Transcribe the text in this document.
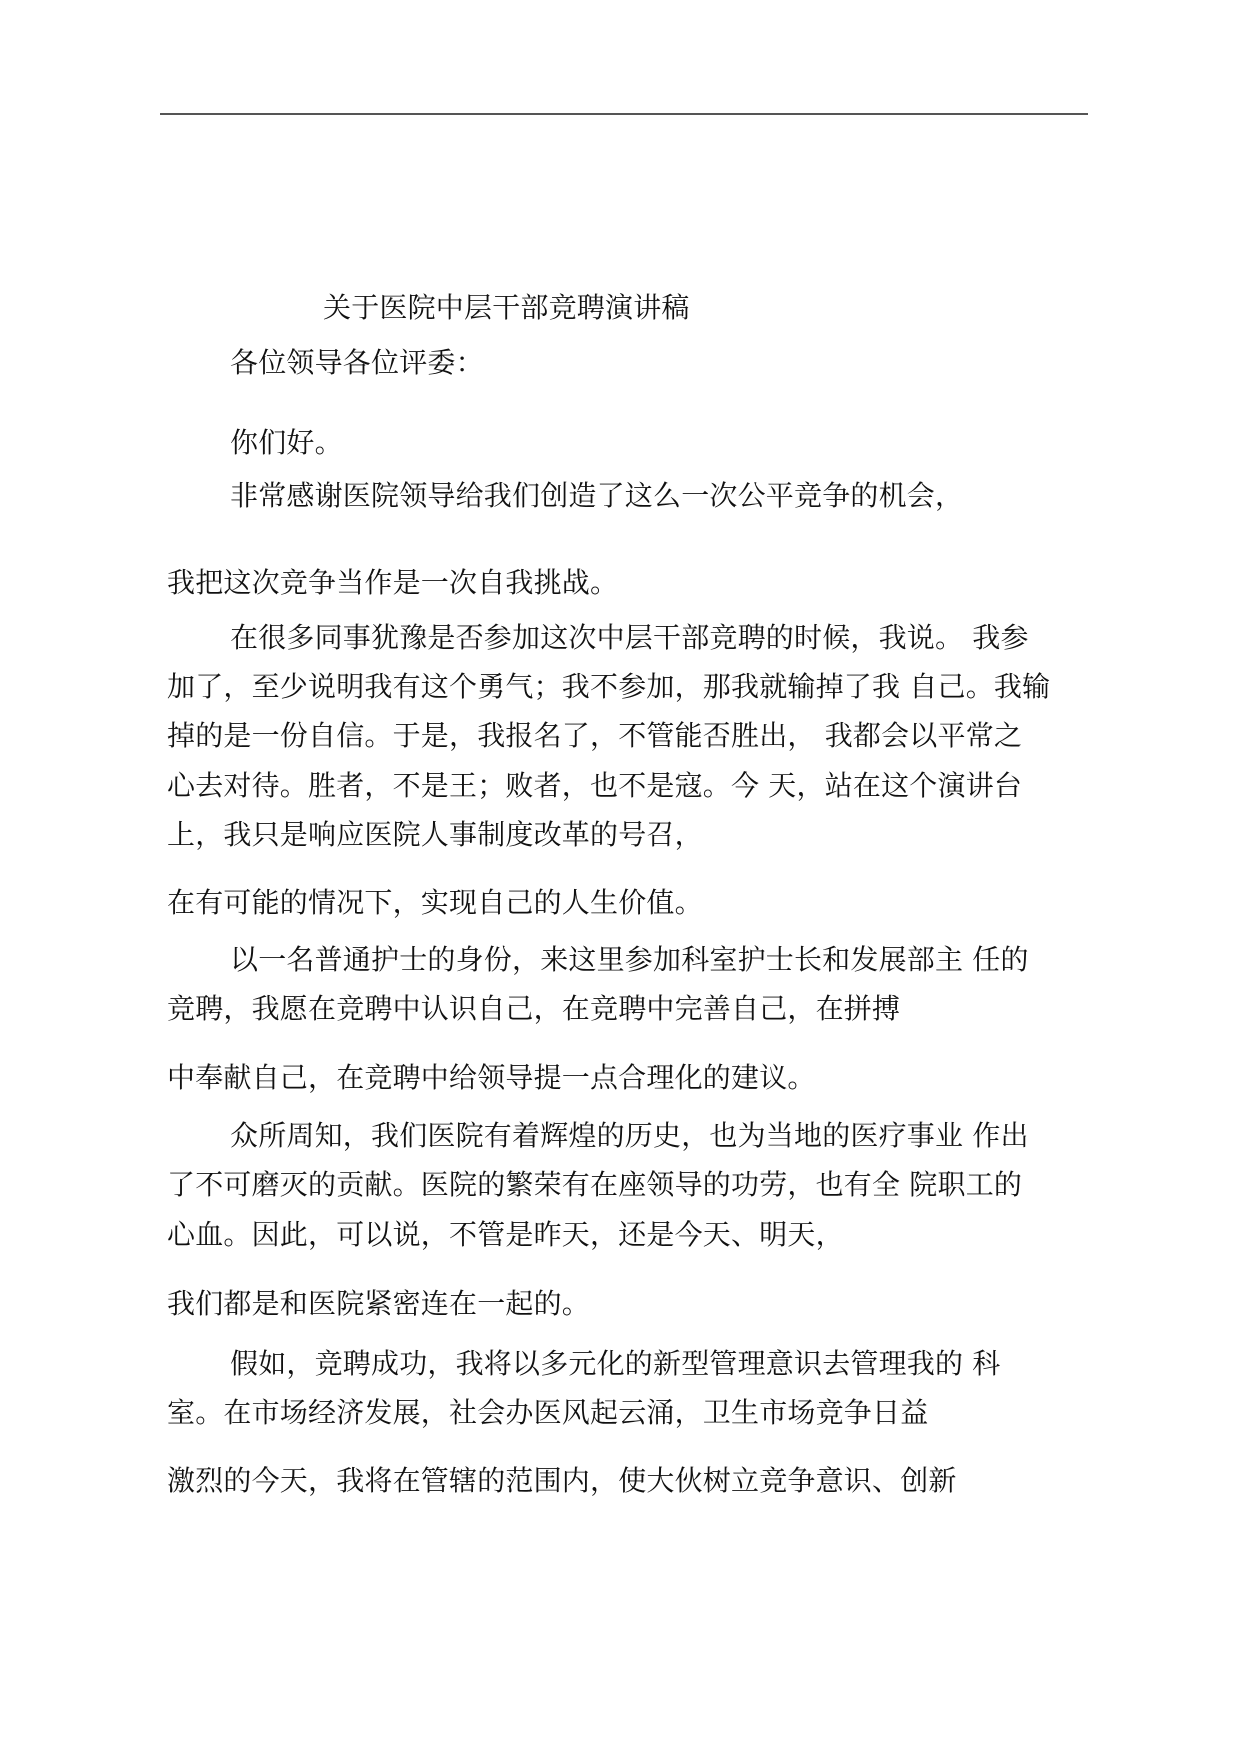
关于医院中层干部竞聘演讲稿
各位领导各位评委：
你们好。
非常感谢医院领导给我们创造了这么一次公平竞争的机会，
我把这次竞争当作是一次自我挑战。
在很多同事犹豫是否参加这次中层干部竞聘的时候，我说。 我参
加了，至少说明我有这个勇气；我不参加，那我就输掉了我 自己。我输
掉的是一份自信。于是，我报名了，不管能否胜出， 我都会以平常之
心去对待。胜者，不是王；败者，也不是寇。今 天，站在这个演讲台
上，我只是响应医院人事制度改革的号召，
在有可能的情况下，实现自己的人生价值。
以一名普通护士的身份，来这里参加科室护士长和发展部主 任的
竞聘，我愿在竞聘中认识自己，在竞聘中完善自己，在拼搏
中奉献自己，在竞聘中给领导提一点合理化的建议。
众所周知，我们医院有着辉煌的历史，也为当地的医疗事业 作出
了不可磨灭的贡献。医院的繁荣有在座领导的功劳，也有全 院职工的
心血。因此，可以说，不管是昨天，还是今天、明天，
我们都是和医院紧密连在一起的。
假如，竞聘成功，我将以多元化的新型管理意识去管理我的 科
室。在市场经济发展，社会办医风起云涌，卫生市场竞争日益
激烈的今天，我将在管辖的范围内，使大伙树立竞争意识、创新
